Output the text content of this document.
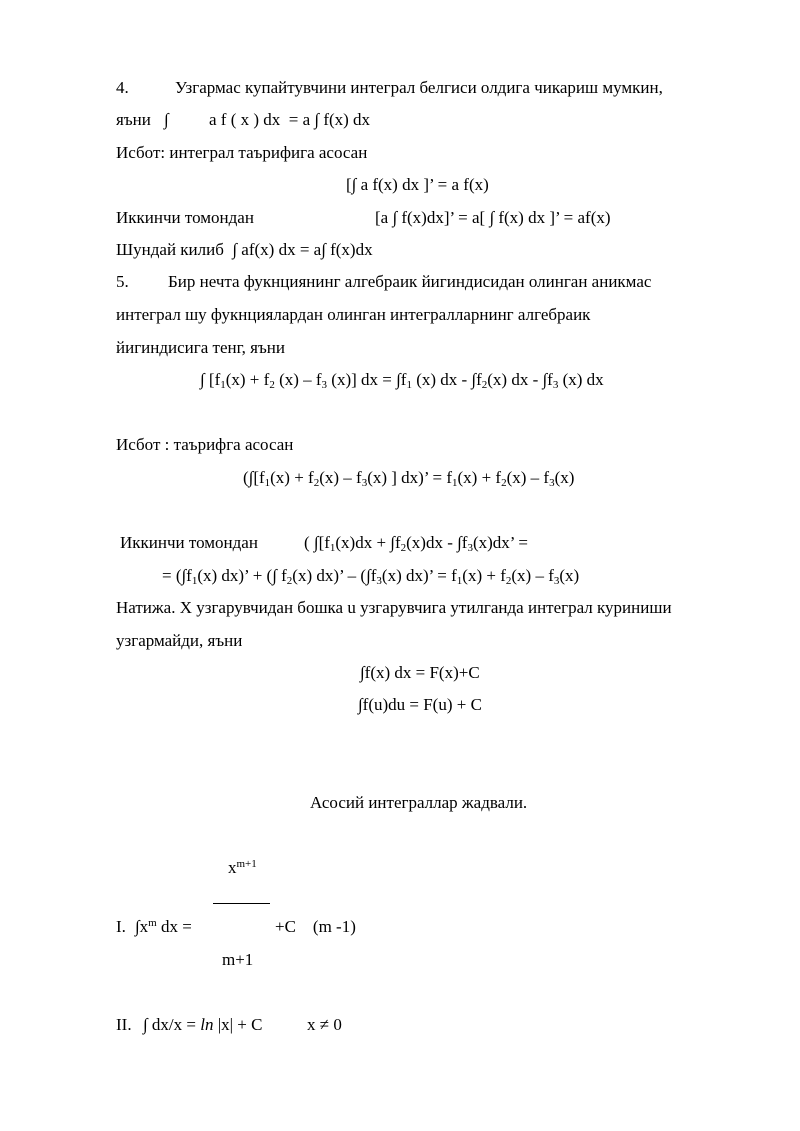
4.	Узгармас купайтувчини интеграл белгиси олдига чикариш мумкин,
яъни ∫ a f ( x ) dx  = a ∫ f(x) dx
Исбот: интеграл таърифига асосан
[∫ a f(x) dx ]’ = a f(x)
Иккинчи томондан	[a ∫ f(x)dx]’ = a[ ∫ f(x) dx ]’ = af(x)
Шундай килиб  ∫ af(x) dx = a∫ f(x)dx
5. Бир нечта фукнциянинг алгебраик йигиндисидан олинган аникмас
интеграл шу фукнциялардан олинган интегралларнинг алгебраик
йигиндисига тенг, яъни
∫ [$f_1(x) + f_2$ $(x) - f_3$ (x)] dx = $\int f_1$ (x) dx - $\int f_2(x)$ dx - $\int f_3$ (x) dx
Исбот : таърифга асосан
($\int[f_1(x) + f_2(x) - f_3(x)$ ] dx)’ = $f_1(x) + f_2(x) - f_3(x)$
Иккинчи томондан	( $\int[f_1(x)dx + \int f_2(x)dx - \int f_3(x)dx$’ =
= $(\int f_1(x) dx)$’ + (∫ $f_2(x)$ dx)’ – $(\int f_3(x) dx)$’ = $f_1(x) + f_2(x) - f_3(x)$
Натижа. X узгарувчидан бошка u узгарувчига утилганда интеграл куриниши
узгармайди, яъни
∫f(x) dx = F(x)+C
∫f(u)du = F(u) + C
Асосий интеграллар жадвали.
$x^{m+1}$
I. $\int x^m$ dx =	+C    (m -1)
m+1
II. ∫ dx/x = ln |x| + C	x ≠ 0
